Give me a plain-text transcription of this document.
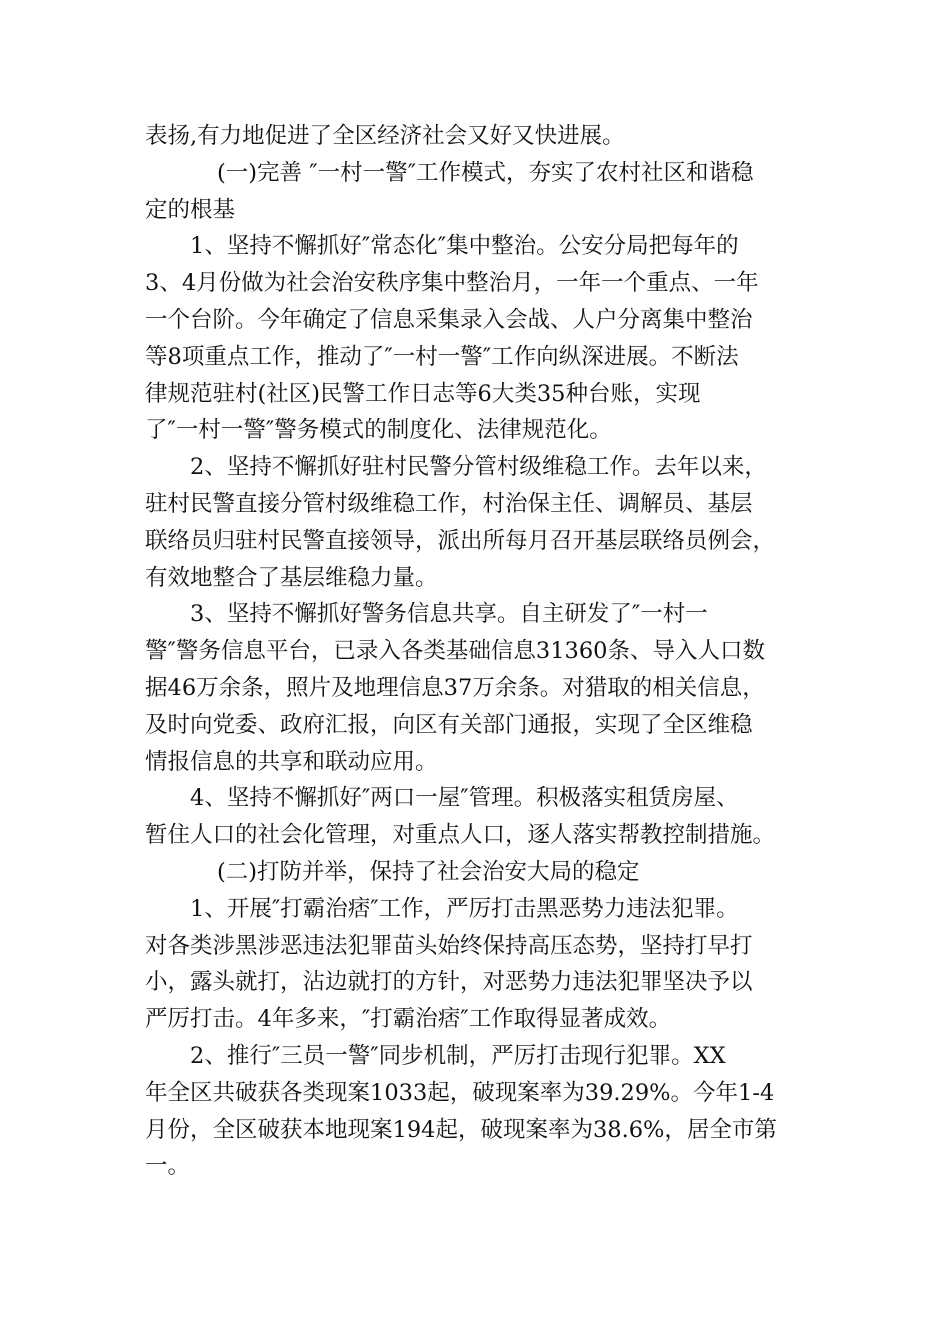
表扬,有力地促进了全区经济社会又好又快进展。
(一)完善 ″一村一警″工作模式，夯实了农村社区和谐稳
定的根基
1、坚持不懈抓好″常态化″集中整治。公安分局把每年的
3、4月份做为社会治安秩序集中整治月，一年一个重点、一年
一个台阶。今年确定了信息采集录入会战、人户分离集中整治
等8项重点工作，推动了″一村一警″工作向纵深进展。不断法
律规范驻村(社区)民警工作日志等6大类35种台账，实现
了″一村一警″警务模式的制度化、法律规范化。
2、坚持不懈抓好驻村民警分管村级维稳工作。去年以来，
驻村民警直接分管村级维稳工作，村治保主任、调解员、基层
联络员归驻村民警直接领导，派出所每月召开基层联络员例会，
有效地整合了基层维稳力量。
3、坚持不懈抓好警务信息共享。自主研发了″一村一
警″警务信息平台，已录入各类基础信息31360条、导入人口数
据46万余条，照片及地理信息37万余条。对猎取的相关信息，
及时向党委、政府汇报，向区有关部门通报，实现了全区维稳
情报信息的共享和联动应用。
4、坚持不懈抓好″两口一屋″管理。积极落实租赁房屋、
暂住人口的社会化管理，对重点人口，逐人落实帮教控制措施。
(二)打防并举，保持了社会治安大局的稳定
1、开展″打霸治痞″工作，严厉打击黑恶势力违法犯罪。
对各类涉黑涉恶违法犯罪苗头始终保持高压态势，坚持打早打
小，露头就打，沾边就打的方针，对恶势力违法犯罪坚决予以
严厉打击。4年多来，″打霸治痞″工作取得显著成效。
2、推行″三员一警″同步机制，严厉打击现行犯罪。XX
年全区共破获各类现案1033起，破现案率为39.29%。今年1-4
月份，全区破获本地现案194起，破现案率为38.6%，居全市第
一。
